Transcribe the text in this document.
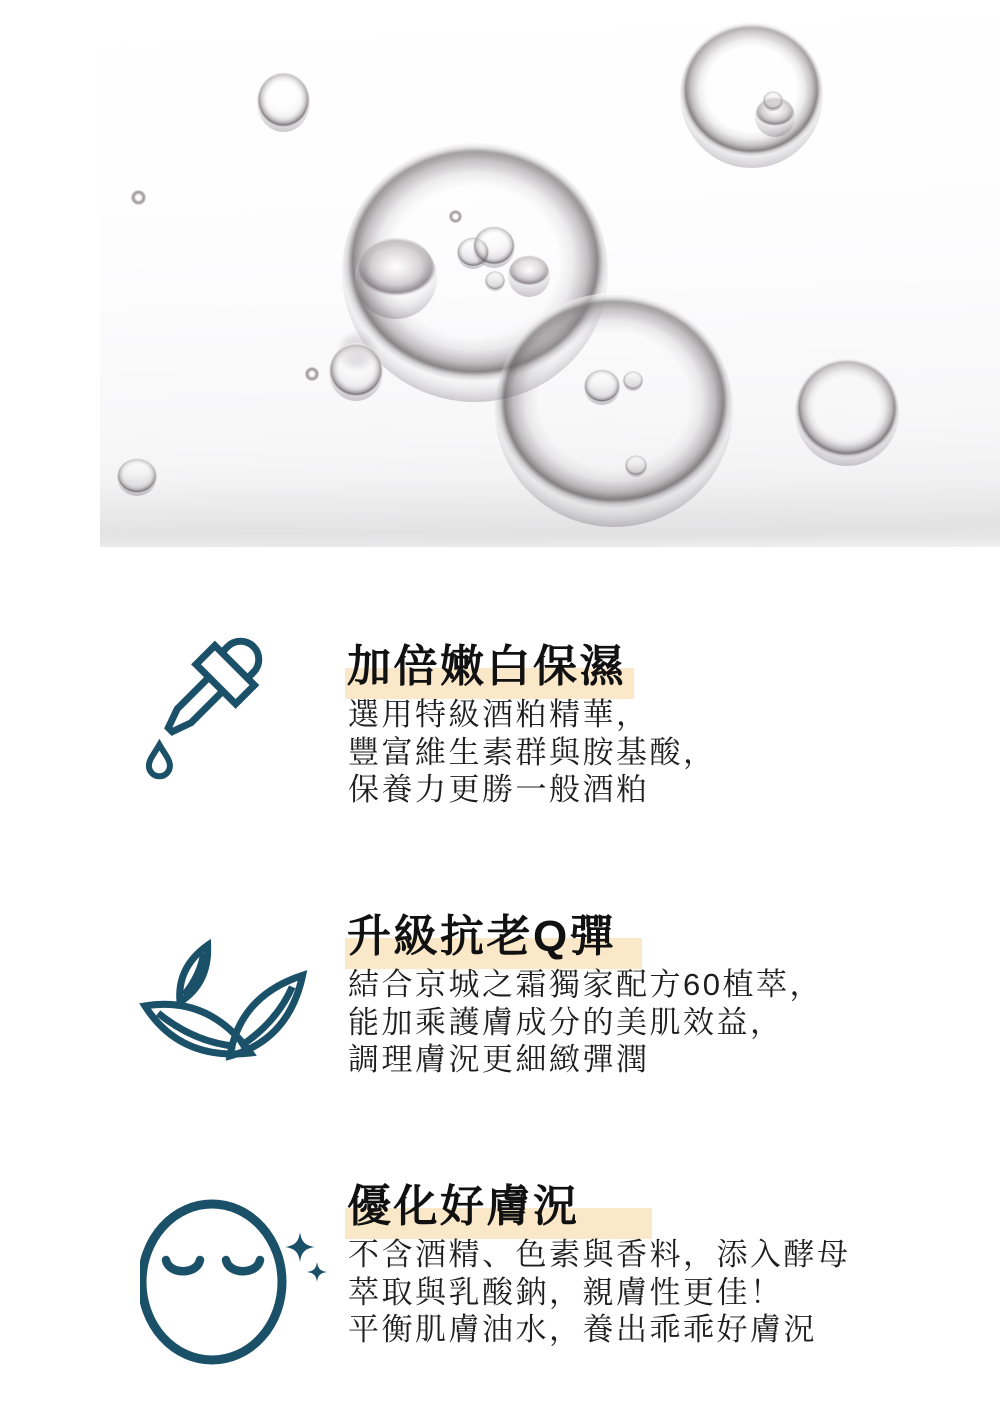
加倍嫩白保濕

選用特級酒粕精華，

豐富維生素群與胺基酸，

保養力更勝一般酒粕

升級抗老Q彈

結合京城之霜獨家配方60植萃，

能加乘護膚成分的美肌效益，

調理膚況更細緻彈潤

優化好膚況

不含酒精、色素與香料，添入酵母

萃取與乳酸鈉，親膚性更佳！

平衡肌膚油水，養出乖乖好膚況
